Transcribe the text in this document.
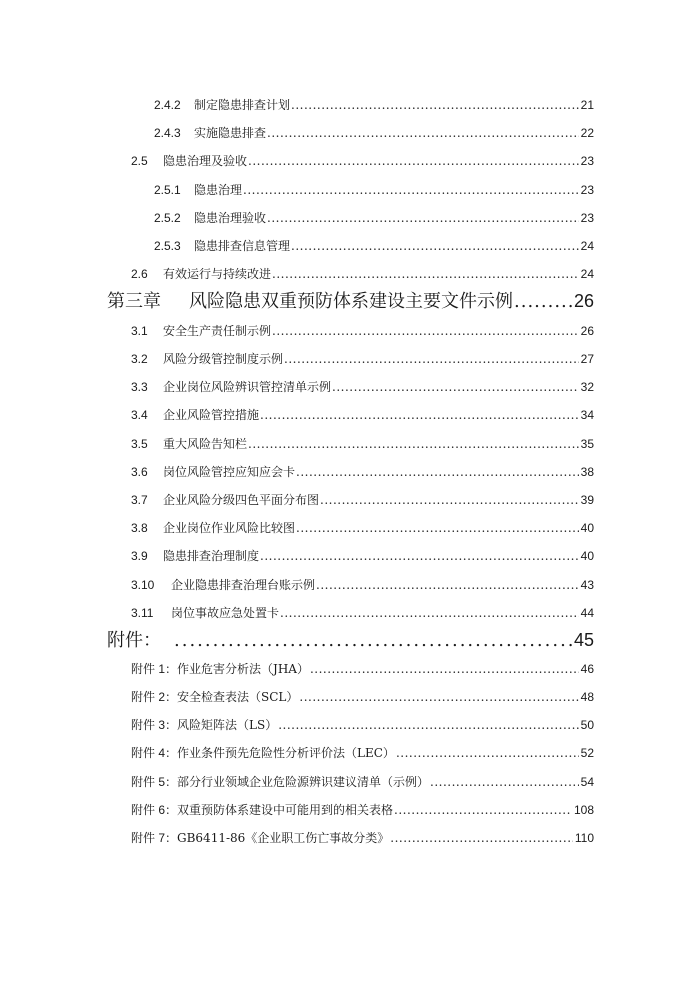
2.4.2	制定隐患排查计划 .....	21
2.4.3	实施隐患排查 .....	22
2.5	隐患治理及验收 .....	23
2.5.1	隐患治理 .....	23
2.5.2	隐患治理验收 .....	23
2.5.3	隐患排查信息管理 .....	24
2.6	有效运行与持续改进 .....	24
第三章	风险隐患双重预防体系建设主要文件示例 .....	26
3.1	安全生产责任制示例 .....	26
3.2	风险分级管控制度示例 .....	27
3.3	企业岗位风险辨识管控清单示例 .....	32
3.4	企业风险管控措施 .....	34
3.5	重大风险告知栏 .....	35
3.6	岗位风险管控应知应会卡 .....	38
3.7	企业风险分级四色平面分布图 .....	39
3.8	企业岗位作业风险比较图 .....	40
3.9	隐患排查治理制度 .....	40
3.10	企业隐患排查治理台账示例 .....	43
3.11	岗位事故应急处置卡 .....	44
附件： .....	45
附件 1： 作业危害分析法（JHA） .....	46
附件 2： 安全检查表法（SCL） .....	48
附件 3： 风险矩阵法（LS） .....	50
附件 4： 作业条件预先危险性分析评价法（LEC） .....	52
附件 5： 部分行业领域企业危险源辨识建议清单（示例） .....	54
附件 6： 双重预防体系建设中可能用到的相关表格 .....	108
附件 7： GB6411-86《企业职工伤亡事故分类》 .....	110
